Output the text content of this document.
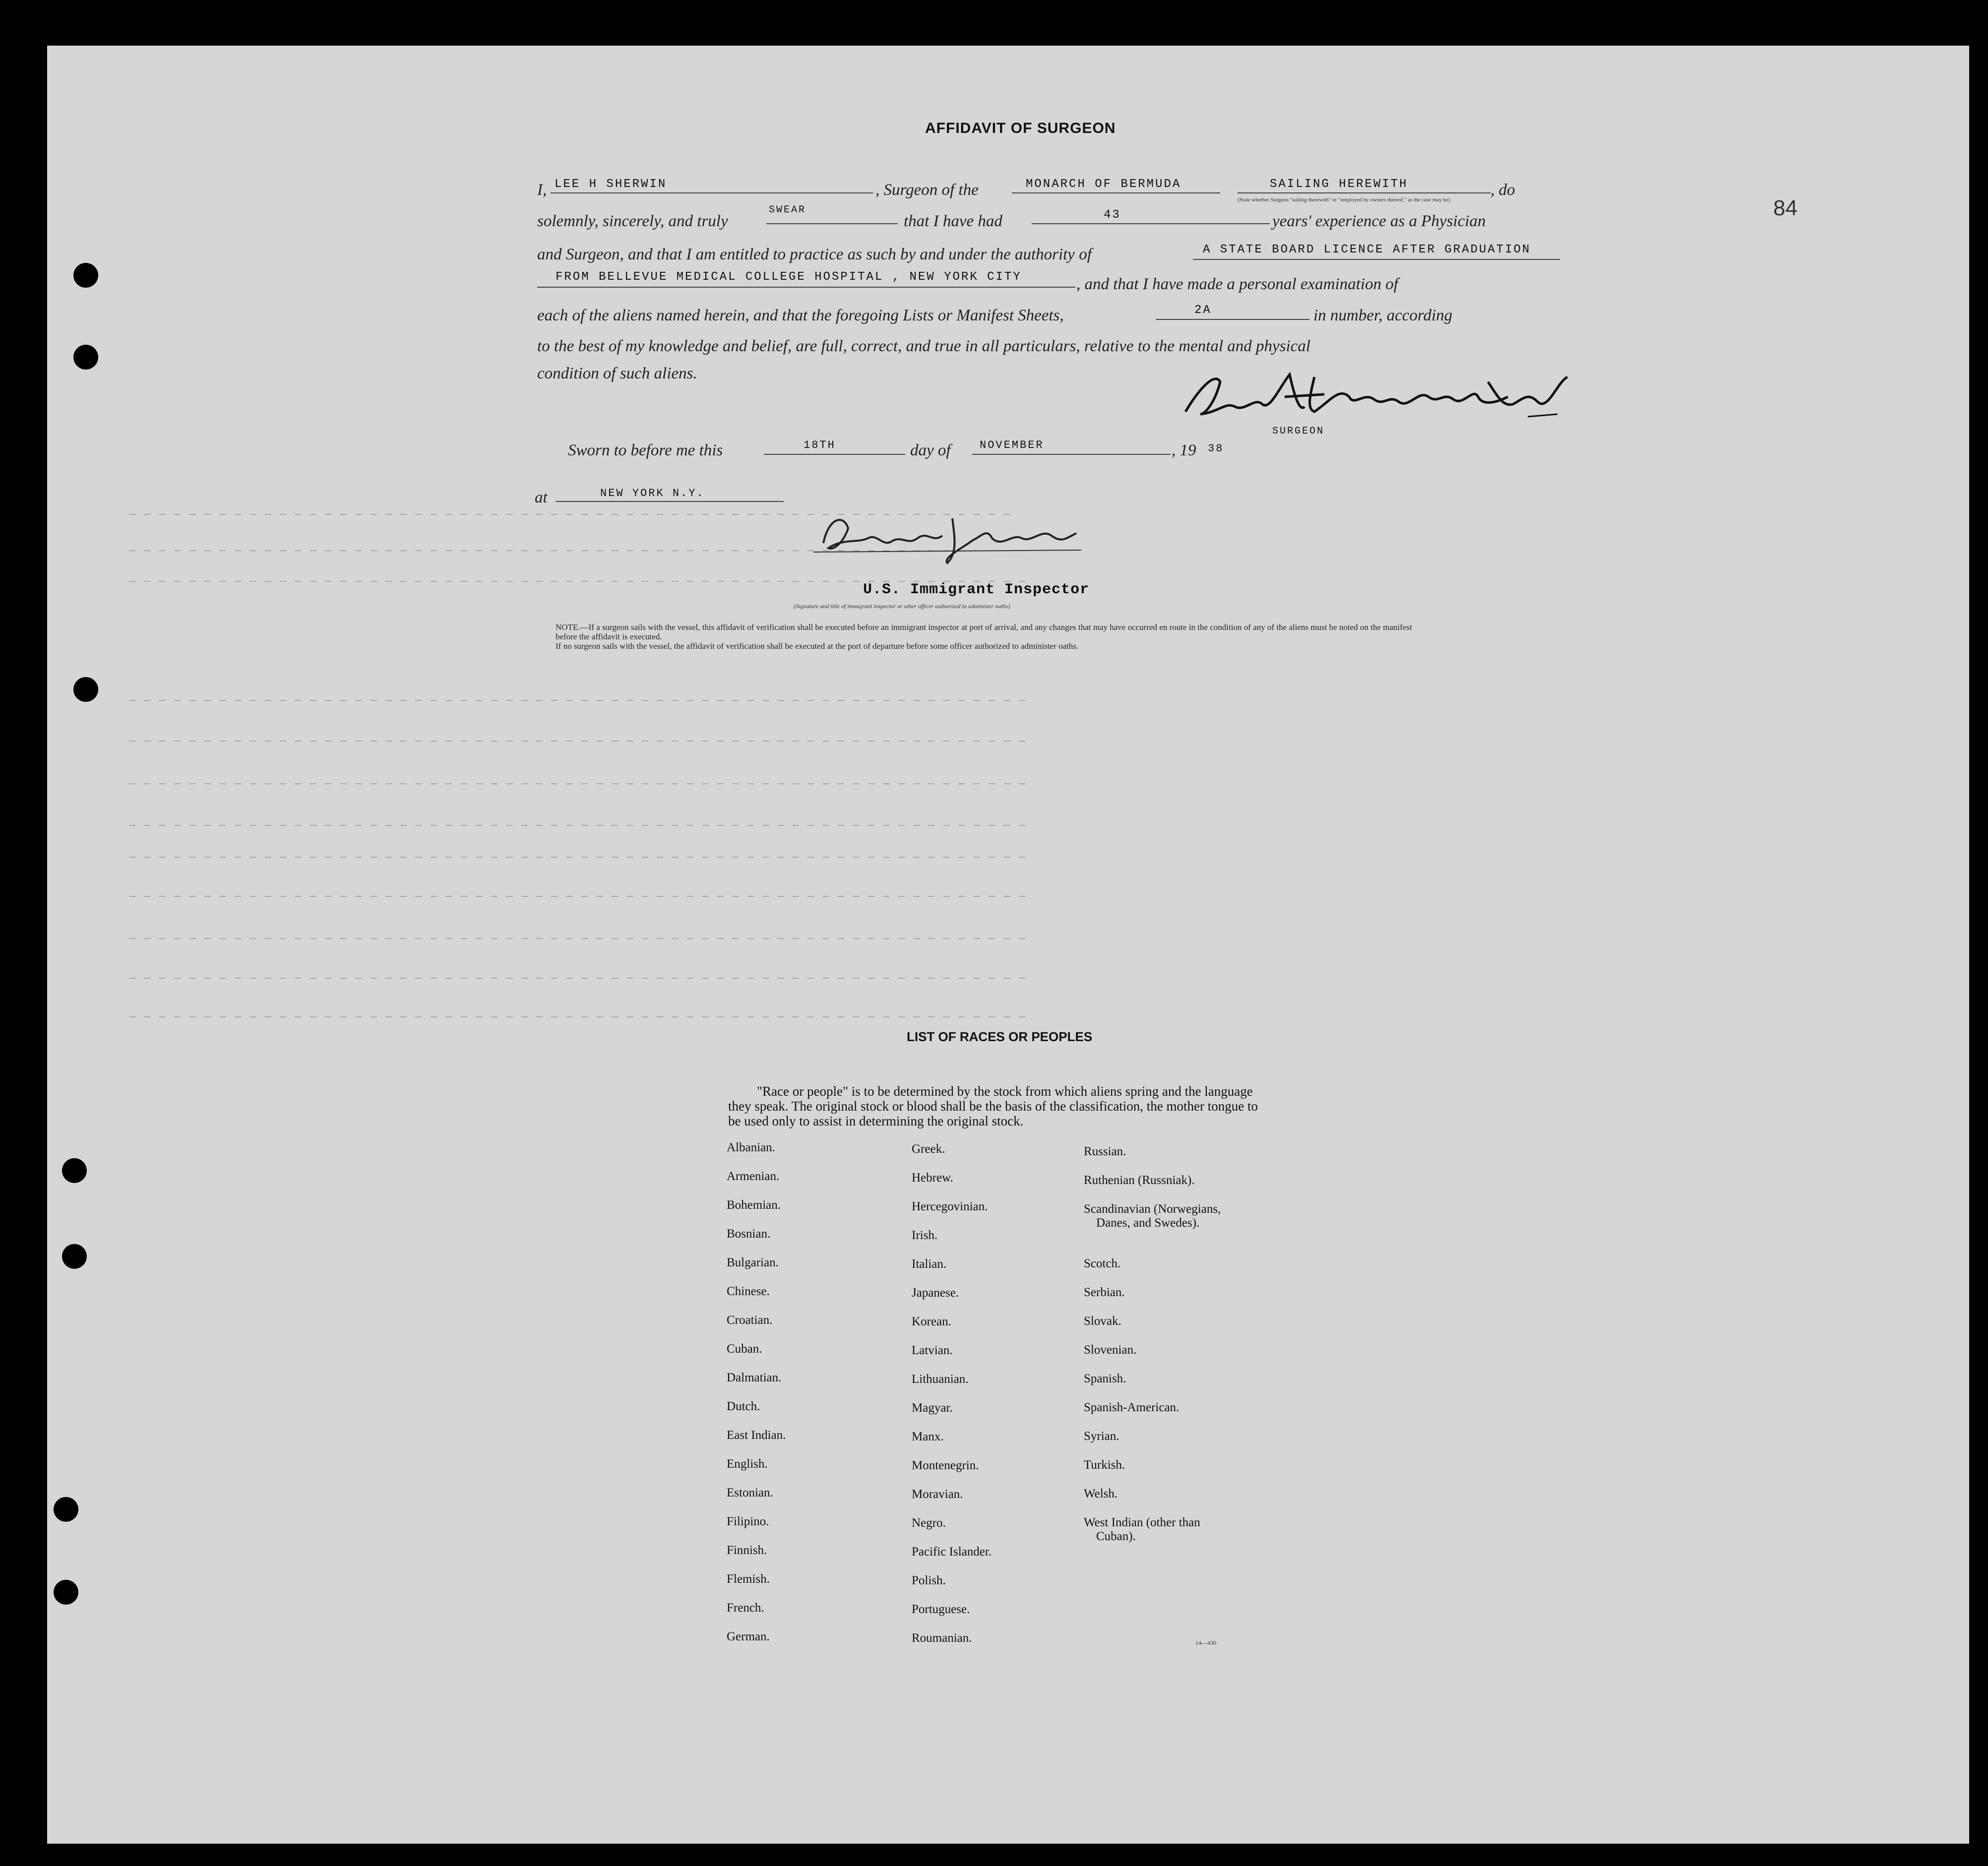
84
— — — — — — — — — — — — — — — — — — — — — — — — — — — — — — — — — — — — — — — — — — — — — — — — — — — — — — — — — — —
— — — — — — — — — — — — — — — — — — — — — — — — — — — — — — — — — — — — — — — — — — — — — — — — — — — — — — — — — — — —
— — — — — — — — — — — — — — — — — — — — — — — — — — — — — — — — — — — — — — — — — — — — — — — — — — — — — — — — — — — —
— — — — — — — — — — — — — — — — — — — — — — — — — — — — — — — — — — — — — — — — — — — — — — — — — — — — — — — — — — — —
— — — — — — — — — — — — — — — — — — — — — — — — — — — — — — — — — — — — — — — — — — — — — — — — — — — — — — — — — — — —
— — — — — — — — — — — — — — — — — — — — — — — — — — — — — — — — — — — — — — — — — — — — — — — — — — — — — — — — — — — —
— — — — — — — — — — — — — — — — — — — — — — — — — — — — — — — — — — — — — — — — — — — — — — — — — — — — — — — — — — — —
— — — — — — — — — — — — — — — — — — — — — — — — — — — — — — — — — — — — — — — — — — — — — — — — — — — — — — — — — — — —
— — — — — — — — — — — — — — — — — — — — — — — — — — — — — — — — — — — — — — — — — — — — — — — — — — — — — — — — — — — —
— — — — — — — — — — — — — — — — — — — — — — — — — — — — — — — — — — — — — — — — — — — — — — — — — — — — — — — — — — — —
— — — — — — — — — — — — — — — — — — — — — — — — — — — — — — — — — — — — — — — — — — — — — — — — — — — — — — — — — — — —
— — — — — — — — — — — — — — — — — — — — — — — — — — — — — — — — — — — — — — — — — — — — — — — — — — — — — — — — — — — —
AFFIDAVIT OF SURGEON
I, LEE H SHERWIN	, Surgeon of the	MONARCH OF BERMUDA	SAILING HEREWITH	, do
(State whether Surgeon "sailing therewith" or "employed by owners thereof," as the case may be)
solemnly, sincerely, and truly
SWEAR
that I have had	43	years' experience as a Physician
and Surgeon, and that I am entitled to practice as such by and under the authority of	A STATE BOARD LICENCE AFTER GRADUATION
FROM BELLEVUE MEDICAL COLLEGE HOSPITAL , NEW YORK CITY	, and that I have made a personal examination of
each of the aliens named herein, and that the foregoing Lists or Manifest Sheets,	2A	in number, according
to the best of my knowledge and belief, are full, correct, and true in all particulars, relative to the mental and physical
condition of such aliens.
SURGEON
Sworn to before me this	18TH	day of	NOVEMBER	, 19 38
at	NEW YORK N.Y.
U.S. Immigrant Inspector
(Signature and title of immigrant inspector or other officer authorized to administer oaths)
NOTE.—If a surgeon sails with the vessel, this affidavit of verification shall be executed before an immigrant inspector at port of arrival, and any changes that may have occurred en route in the condition of any of the aliens must be noted on the manifest before the affidavit is executed.
If no surgeon sails with the vessel, the affidavit of verification shall be executed at the port of departure before some officer authorized to administer oaths.
LIST OF RACES OR PEOPLES
"Race or people" is to be determined by the stock from which aliens spring and the language they speak. The original stock or blood shall be the basis of the classification, the mother tongue to be used only to assist in determining the original stock.
Albanian.
Armenian.
Bohemian.
Bosnian.
Bulgarian.
Chinese.
Croatian.
Cuban.
Dalmatian.
Dutch.
East Indian.
English.
Estonian.
Filipino.
Finnish.
Flemish.
French.
German.
Greek.
Hebrew.
Hercegovinian.
Irish.
Italian.
Japanese.
Korean.
Latvian.
Lithuanian.
Magyar.
Manx.
Montenegrin.
Moravian.
Negro.
Pacific Islander.
Polish.
Portuguese.
Roumanian.
Russian.
Ruthenian (Russniak).
Scandinavian (Norwegians,
Danes, and Swedes).
Scotch.
Serbian.
Slovak.
Slovenian.
Spanish.
Spanish-American.
Syrian.
Turkish.
Welsh.
West Indian (other than
Cuban).
14—430
